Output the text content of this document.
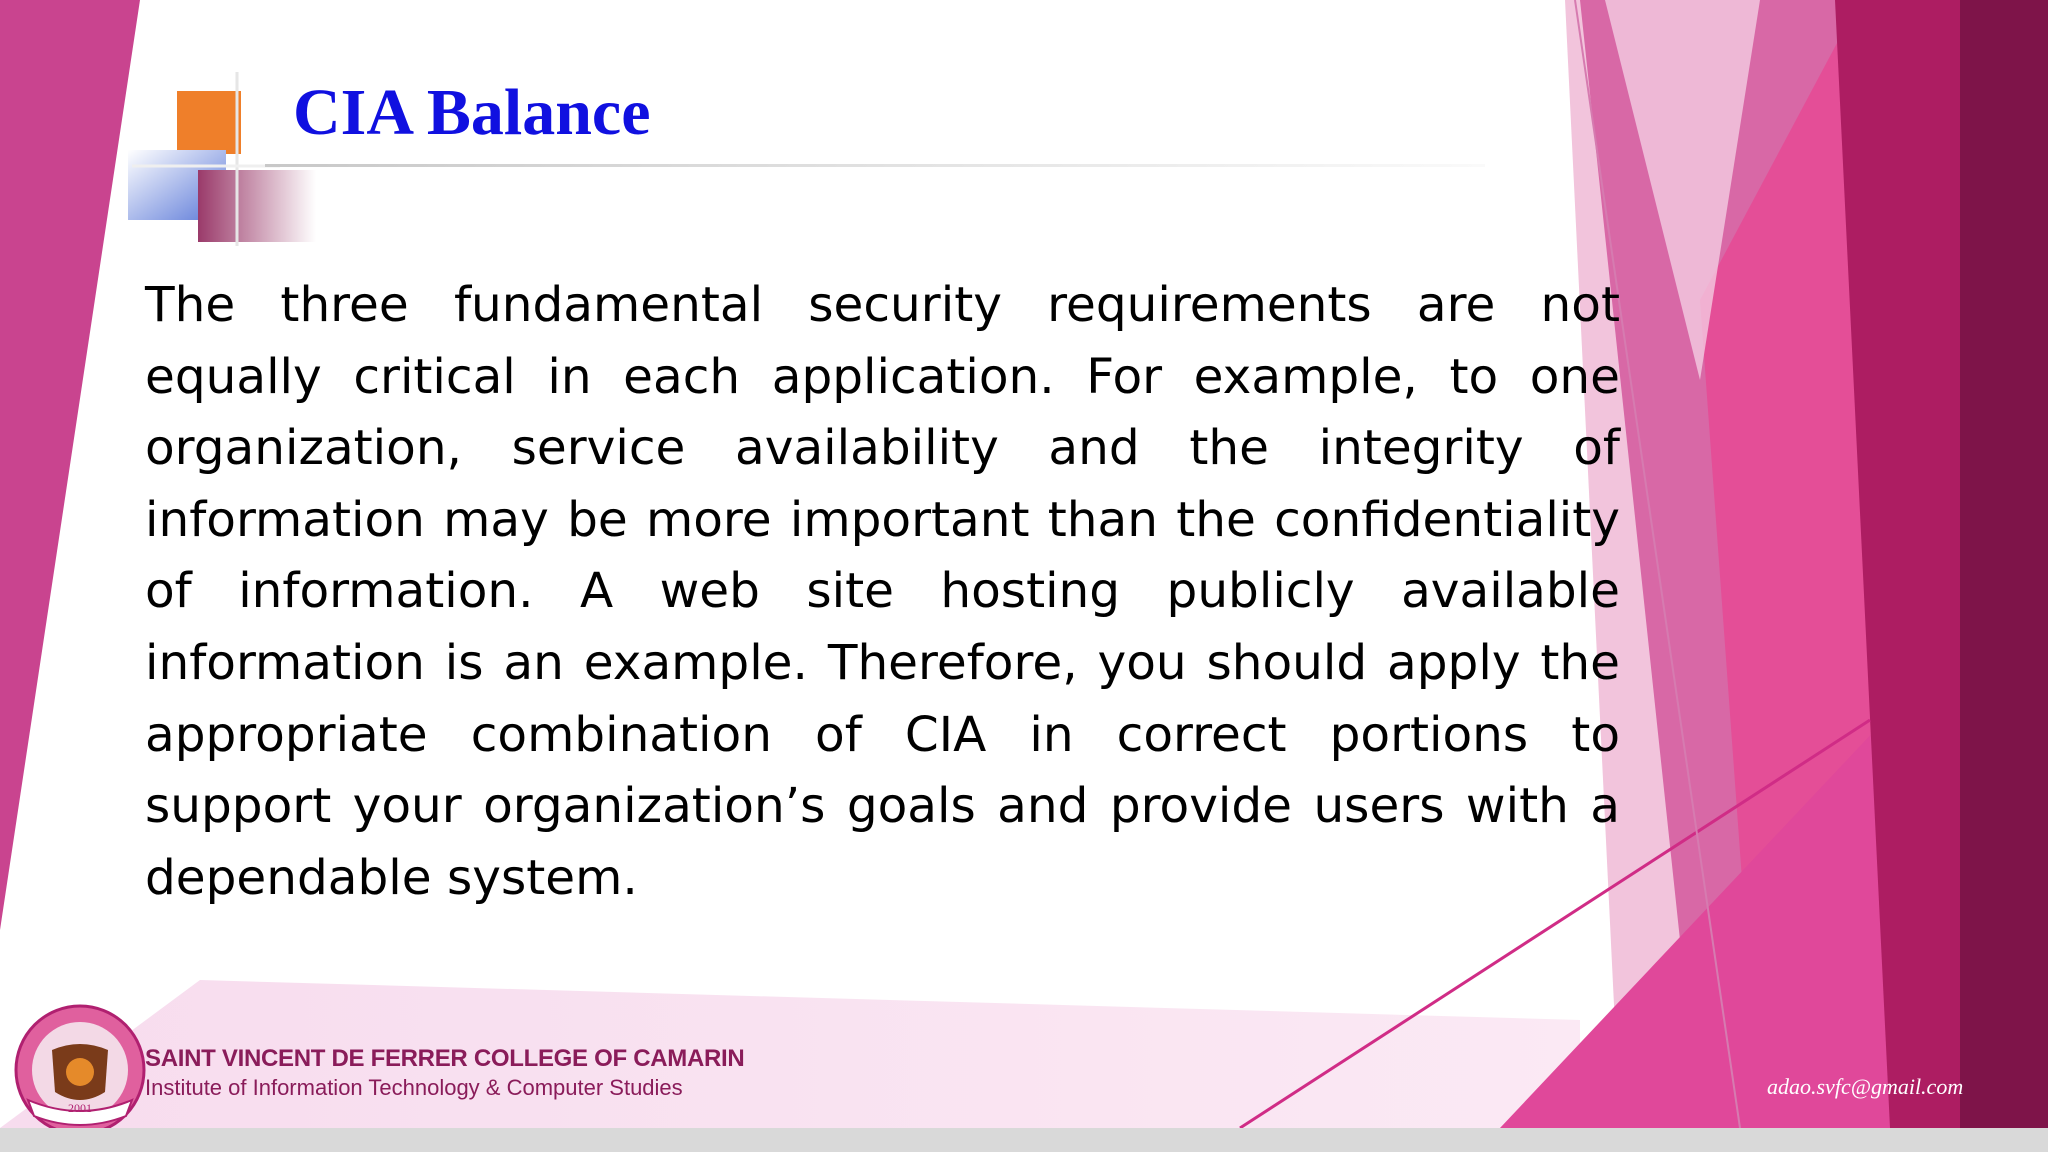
CIA Balance

The three fundamental security requirements are not equally critical in each application. For example, to one organization, service availability and the integrity of information may be more important than the confidentiality of information. A web site hosting publicly available information is an example. Therefore, you should apply the appropriate combination of CIA in correct portions to support your organization’s goals and provide users with a dependable system.

2001
SAINT VINCENT DE FERRER COLLEGE OF CAMARIN
Institute of Information Technology & Computer Studies	adao.svfc@gmail.com
